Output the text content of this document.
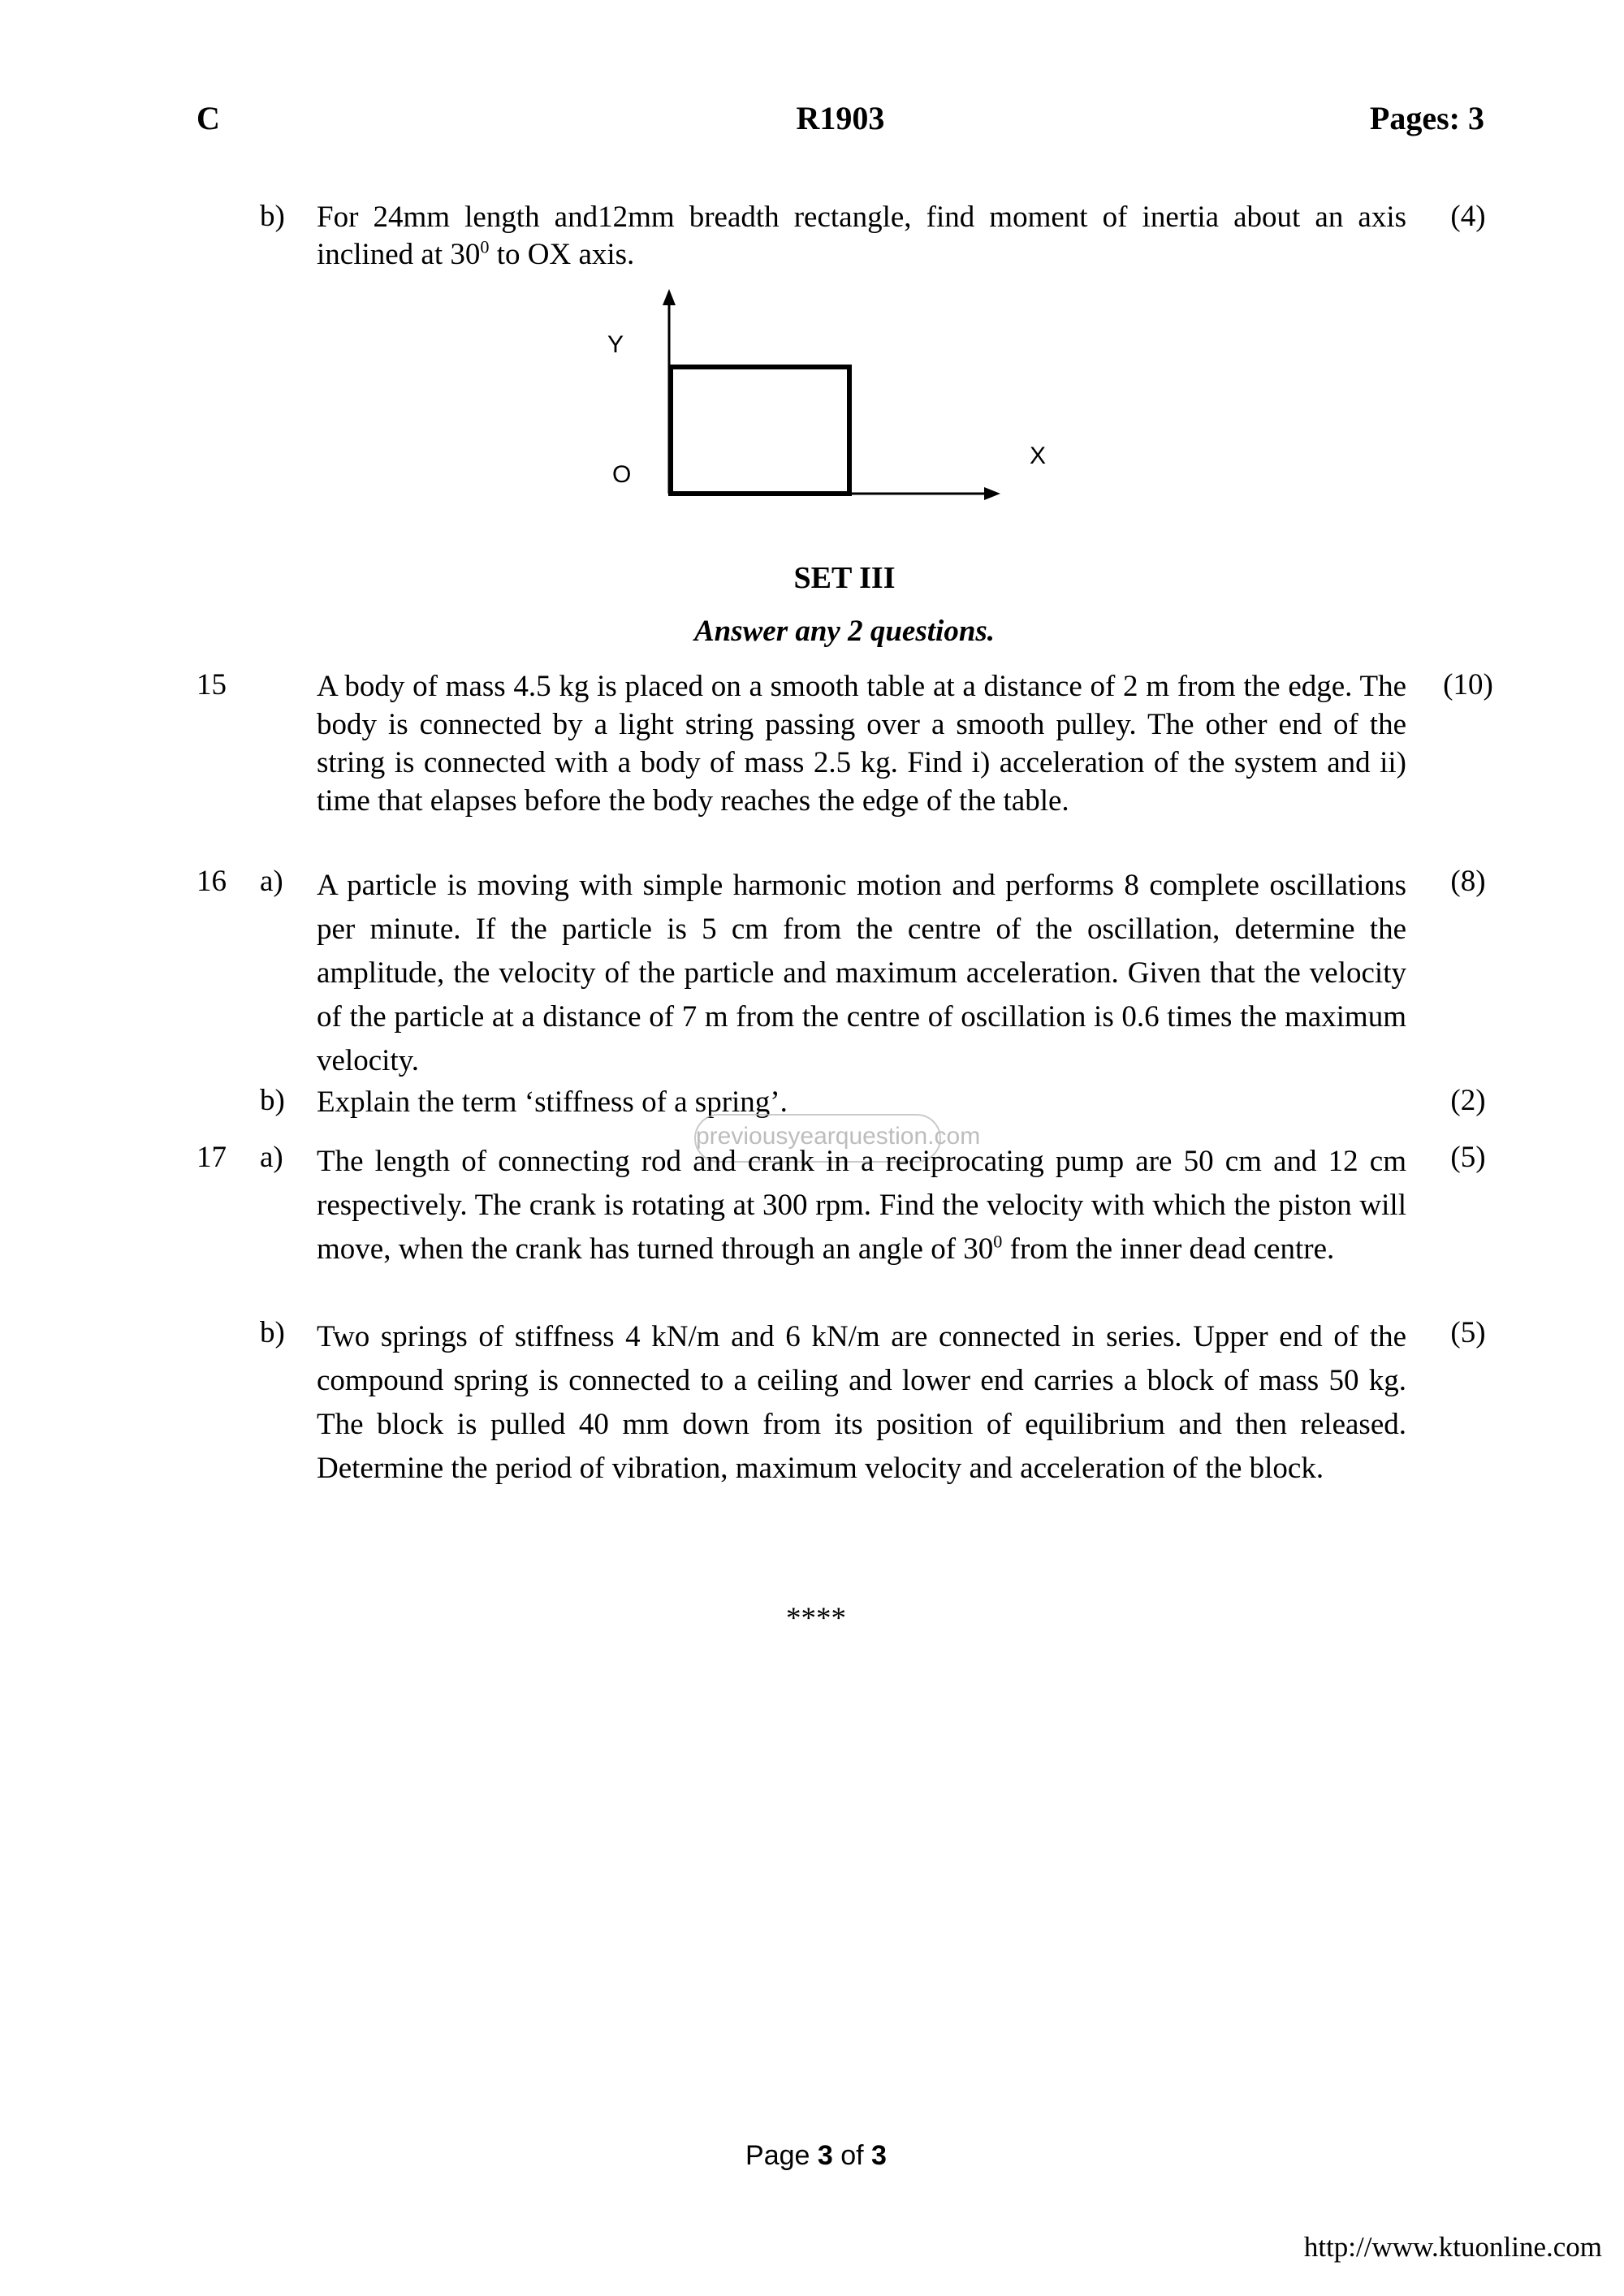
C	R1903	Pages: 3
b) For 24mm length and12mm breadth rectangle, find moment of inertia about an axis inclined at $30^0$ to OX axis.
(4)
Y
X
O
SET III
Answer any 2 questions.
15	A body of mass 4.5 kg is placed on a smooth table at a distance of 2 m from the edge. The body is connected by a light string passing over a smooth pulley. The other end of the string is connected with a body of mass 2.5 kg. Find i) acceleration of the system and ii) time that elapses before the body reaches the edge of the table.
(10)
16 a) A particle is moving with simple harmonic motion and performs 8 complete oscillations per minute. If the particle is 5 cm from the centre of the oscillation, determine the amplitude, the velocity of the particle and maximum acceleration. Given that the velocity of the particle at a distance of 7 m from the centre of oscillation is 0.6 times the maximum velocity.
(8)
b) Explain the term ‘stiffness of a spring’.	(2)
previousyearquestion.com
17 a) The length of connecting rod and crank in a reciprocating pump are 50 cm and 12 cm respectively. The crank is rotating at 300 rpm. Find the velocity with which the piston will move, when the crank has turned through an angle of $30^0$ from the inner dead centre.
(5)
b) Two springs of stiffness 4 kN/m and 6 kN/m are connected in series. Upper end of the compound spring is connected to a ceiling and lower end carries a block of mass 50 kg. The block is pulled 40 mm down from its position of equilibrium and then released. Determine the period of vibration, maximum velocity and acceleration of the block.
(5)
****
Page 3 of 3
http://www.ktuonline.com
